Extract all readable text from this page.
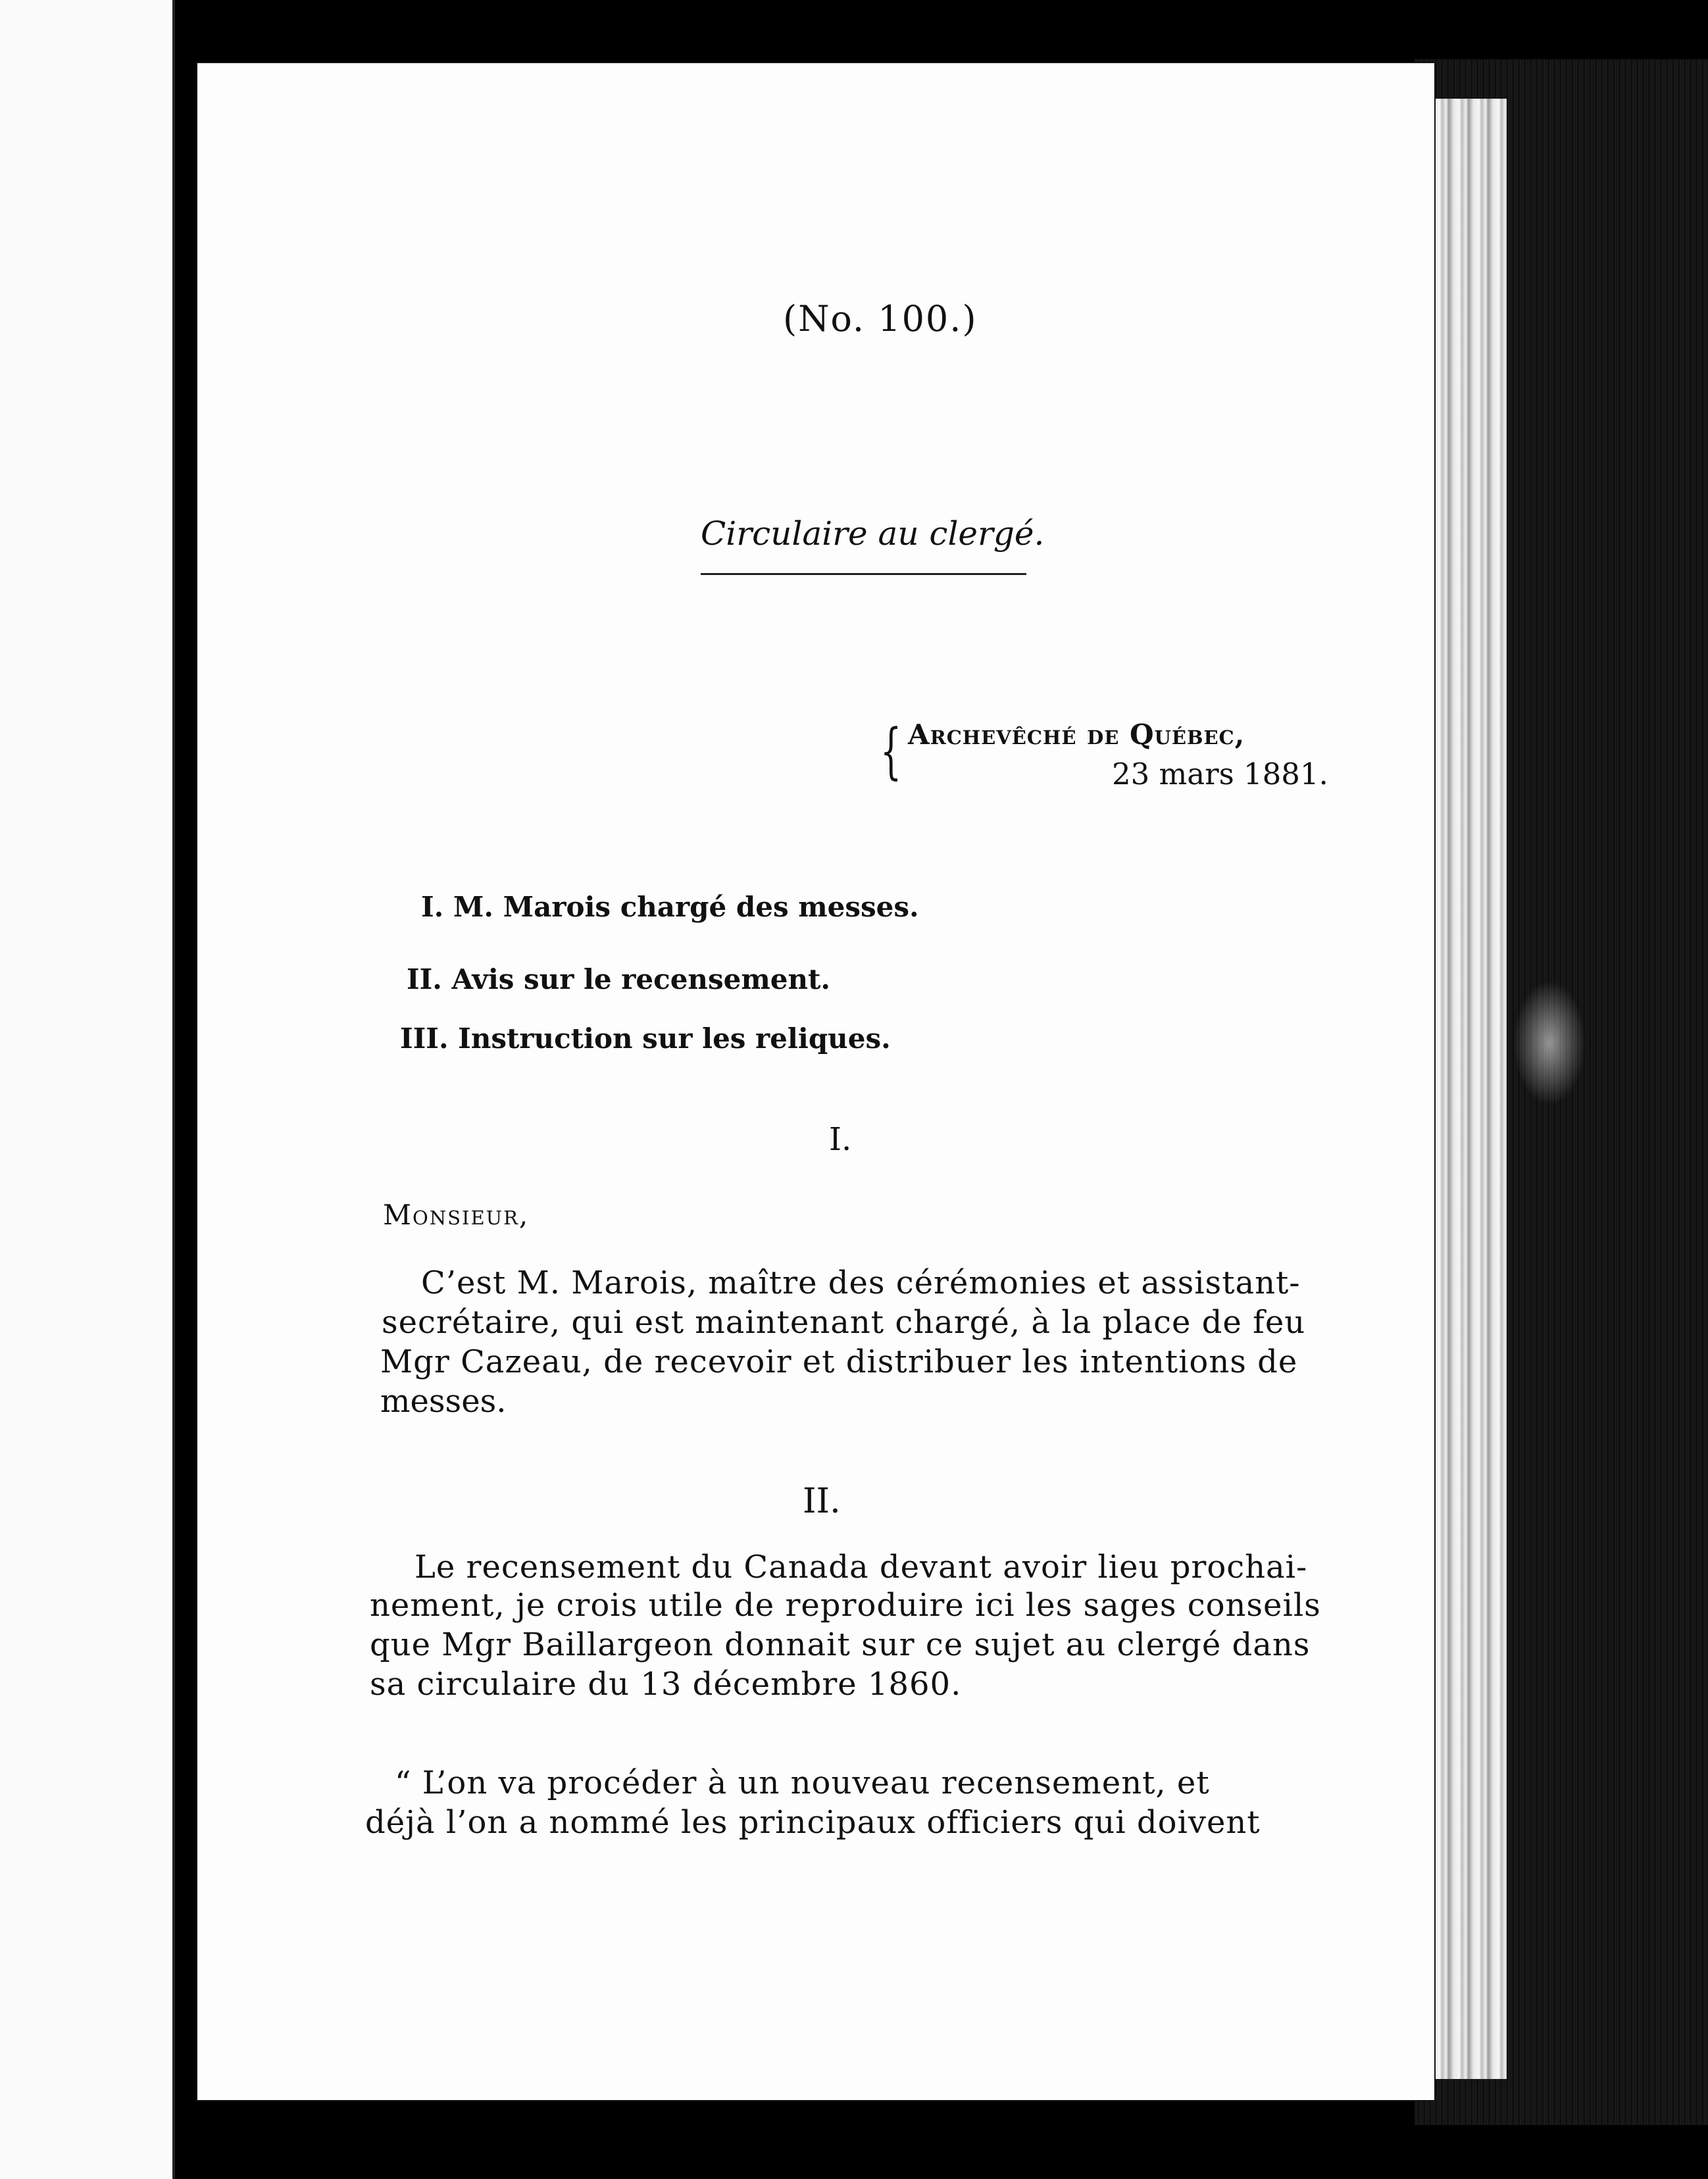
(No. 100.)
Circulaire au clergé.
{ Archevêché de Québec,
23 mars 1881.
I. M. Marois chargé des messes.
II. Avis sur le recensement.
III. Instruction sur les reliques.
I.
Monsieur,
C’est M. Marois, maître des cérémonies et assistant-
secrétaire, qui est maintenant chargé, à la place de feu
Mgr Cazeau, de recevoir et distribuer les intentions de
messes.
II.
Le recensement du Canada devant avoir lieu prochai-
nement, je crois utile de reproduire ici les sages conseils
que Mgr Baillargeon donnait sur ce sujet au clergé dans
sa circulaire du 13 décembre 1860.
“ L’on va procéder à un nouveau recensement, et
déjà l’on a nommé les principaux officiers qui doivent
